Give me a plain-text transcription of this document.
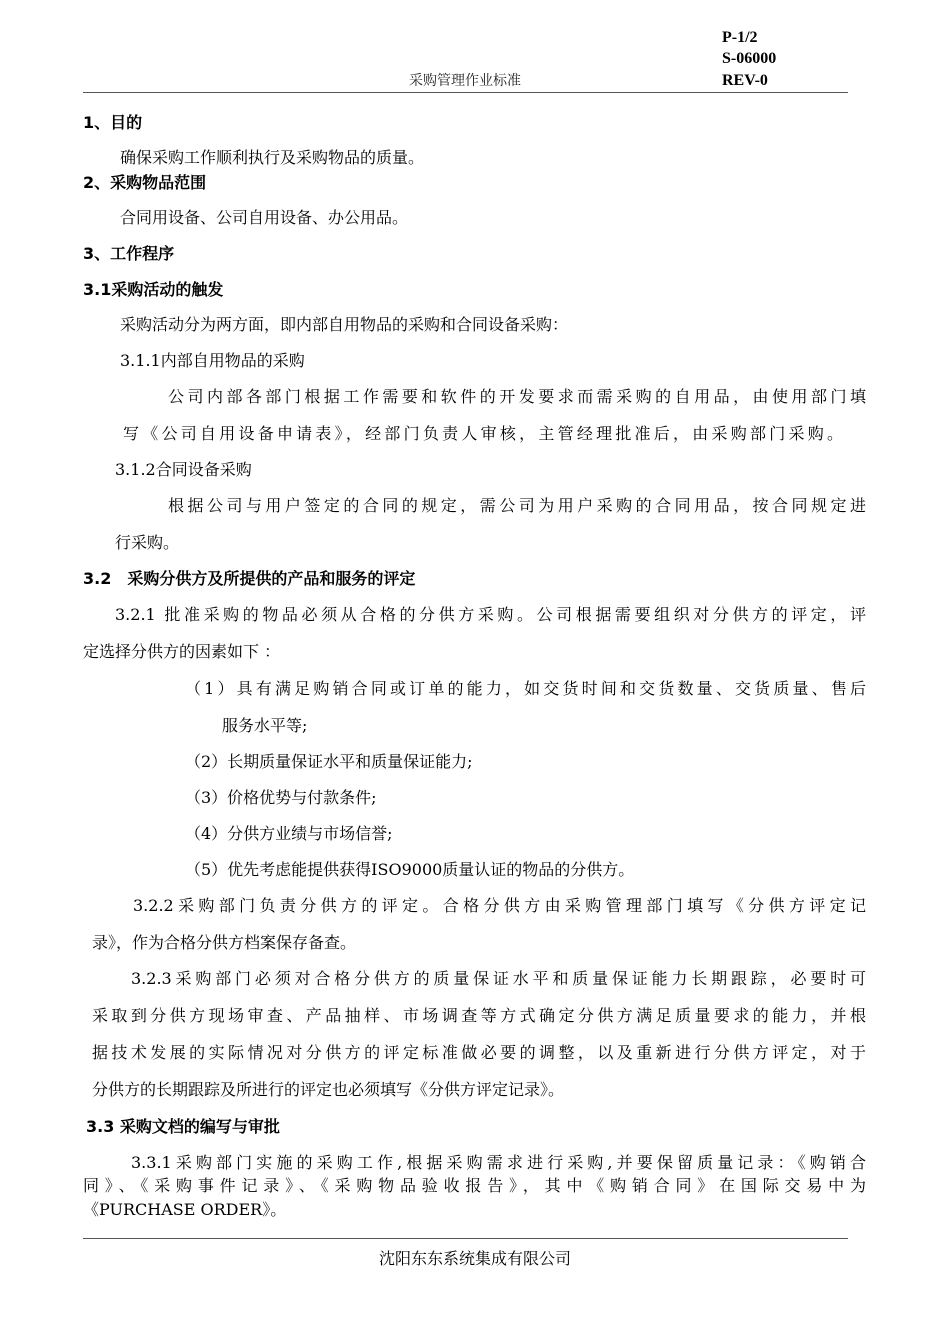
P-1/2
S-06000
REV-0
采购管理作业标准
1、目的
确保采购工作顺利执行及采购物品的质量。
2、采购物品范围
合同用设备、公司自用设备、办公用品。
3、工作程序
3.1采购活动的触发
采购活动分为两方面，即内部自用物品的采购和合同设备采购：
3.1.1内部自用物品的采购
公司内部各部门根据工作需要和软件的开发要求而需采购的自用品，由使用部门填
写《公司自用设备申请表》，经部门负责人审核，主管经理批准后，由采购部门采购。
3.1.2合同设备采购
根据公司与用户签定的合同的规定，需公司为用户采购的合同用品，按合同规定进
行采购。
3.2　采购分供方及所提供的产品和服务的评定
3.2.1 批准采购的物品必须从合格的分供方采购。公司根据需要组织对分供方的评定，评
定选择分供方的因素如下 ：
（1）具有满足购销合同或订单的能力，如交货时间和交货数量、交货质量、售后
服务水平等;
（2）长期质量保证水平和质量保证能力;
（3）价格优势与付款条件;
（4）分供方业绩与市场信誉;
（5）优先考虑能提供获得ISO9000质量认证的物品的分供方。
3.2.2采购部门负责分供方的评定。合格分供方由采购管理部门填写《分供方评定记
录》，作为合格分供方档案保存备查。
3.2.3采购部门必须对合格分供方的质量保证水平和质量保证能力长期跟踪，必要时可
采取到分供方现场审查、产品抽样、市场调查等方式确定分供方满足质量要求的能力，并根
据技术发展的实际情况对分供方的评定标准做必要的调整，以及重新进行分供方评定，对于
分供方的长期跟踪及所进行的评定也必须填写《分供方评定记录》。
3.3 采购文档的编写与审批
3.3.1采购部门实施的采购工作,根据采购需求进行采购,并要保留质量记录：《购销合
同》、《采购事件记录》、《采购物品验收报告》，其中《购销合同》在国际交易中为
《PURCHASE ORDER》。
沈阳东东系统集成有限公司
